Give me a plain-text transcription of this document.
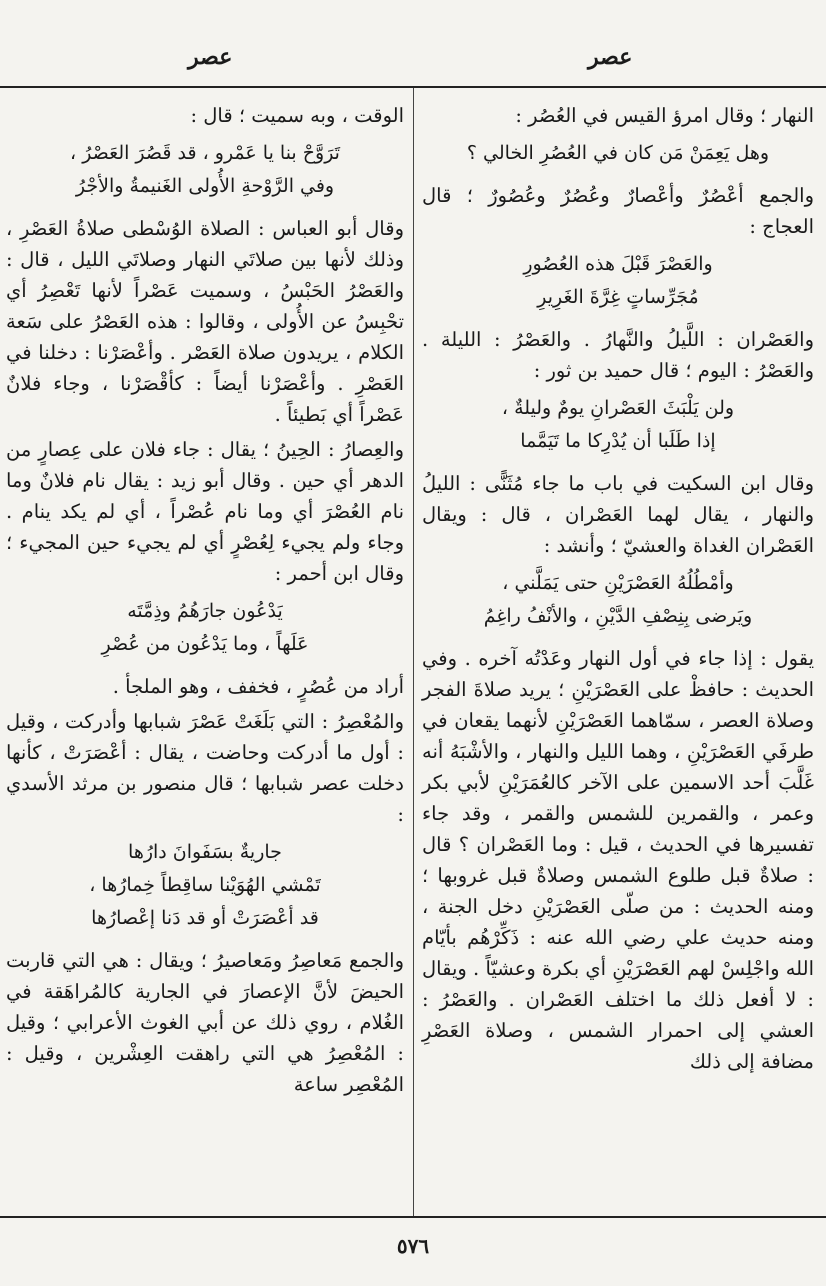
عصر
عصر

النهار ؛ وقال امرؤ القيس في العُصُر :

وهل يَعِمَنْ مَن كان في العُصُرِ الخالي ؟

والجمع أعْصُرٌ وأعْصارٌ وعُصُرٌ وعُصُورٌ ؛ قال العجاج :

والعَصْرَ قَبْلَ هذه العُصُورِ
مُجَرِّساتٍ غِرَّةَ الغَرِيرِ

والعَصْران : اللَّيلُ والنَّهارُ . والعَصْرُ : الليلة . والعَصْرُ : اليوم ؛ قال حميد بن ثور :

ولن يَلْبَثَ العَصْرانِ يومٌ وليلةٌ ،
إذا طَلَبا أن يُدْرِكا ما تَيَمَّما

وقال ابن السكيت في باب ما جاء مُثَنًّى : الليلُ والنهار ، يقال لهما العَصْران ، قال : ويقال العَصْران الغداة والعشيّ ؛ وأنشد :

وأمْطُلُهُ العَصْرَيْنِ حتى يَمَلَّني ،
ويَرضى بِنِصْفِ الدَّيْنِ ، والأنْفُ راغِمُ

يقول : إذا جاء في أول النهار وعَدْتُه آخره . وفي الحديث : حافظْ على العَصْرَيْنِ ؛ يريد صلاةَ الفجر وصلاة العصر ، سمّاهما العَصْرَيْنِ لأنهما يقعان في طرفَي العَصْرَيْنِ ، وهما الليل والنهار ، والأشْبَهُ أنه غَلَّبَ أحد الاسمين على الآخر كالعُمَرَيْنِ لأبي بكر وعمر ، والقمرين للشمس والقمر ، وقد جاء تفسيرها في الحديث ، قيل : وما العَصْران ؟ قال : صلاةٌ قبل طلوع الشمس وصلاةٌ قبل غروبها ؛ ومنه الحديث : من صلّى العَصْرَيْنِ دخل الجنة ، ومنه حديث علي رضي الله عنه : ذَكِّرْهُم بأيّام الله واجْلِسْ لهم العَصْرَيْنِ أي بكرة وعشيّاً . ويقال : لا أفعل ذلك ما اختلف العَصْران . والعَصْرُ : العشي إلى احمرار الشمس ، وصلاة العَصْرِ مضافة إلى ذلك

الوقت ، وبه سميت ؛ قال :

تَرَوَّحْ بنا يا عَمْرو ، قد قَصُرَ العَصْرُ ،
وفي الرَّوْحةِ الأُولى الغَنيمةُ والأجْرُ

وقال أبو العباس : الصلاة الوُسْطى صلاةُ العَصْرِ ، وذلك لأنها بين صلاتَي النهار وصلاتَي الليل ، قال : والعَصْرُ الحَبْسُ ، وسميت عَصْراً لأنها تَعْصِرُ أي تحْبِسُ عن الأُولى ، وقالوا : هذه العَصْرُ على سَعة الكلام ، يريدون صلاة العَصْر . وأعْصَرْنا : دخلنا في العَصْرِ . وأعْصَرْنا أيضاً : كأقْصَرْنا ، وجاء فلانٌ عَصْراً أي بَطيئاً .

والعِصارُ : الحِينُ ؛ يقال : جاء فلان على عِصارٍ من الدهر أي حين . وقال أبو زيد : يقال نام فلانٌ وما نام العُصْرَ أي وما نام عُصْراً ، أي لم يكد ينام . وجاء ولم يجيء لِعُصْرٍ أي لم يجيء حين المجيء ؛ وقال ابن أحمر :

يَدْعُون جارَهُمُ وذِمَّتَه
عَلَهاً ، وما يَدْعُون من عُصْرِ

أراد من عُصُرٍ ، فخفف ، وهو الملجأ .

والمُعْصِرُ : التي بَلَغَتْ عَصْرَ شبابها وأدركت ، وقيل : أول ما أدركت وحاضت ، يقال : أعْصَرَتْ ، كأنها دخلت عصر شبابها ؛ قال منصور بن مرثد الأسدي :

جاريةٌ بسَفَوانَ دارُها
تَمْشي الهُوَيْنا ساقِطاً خِمارُها ،
قد أعْصَرَتْ أو قد دَنا إعْصارُها

والجمع مَعاصِرُ ومَعاصيرُ ؛ ويقال : هي التي قاربت الحيضَ لأنَّ الإعصارَ في الجارية كالمُراهَقة في الغُلام ، روي ذلك عن أبي الغوث الأعرابي ؛ وقيل : المُعْصِرُ هي التي راهقت العِشْرين ، وقيل : المُعْصِر ساعة

٥٧٦
